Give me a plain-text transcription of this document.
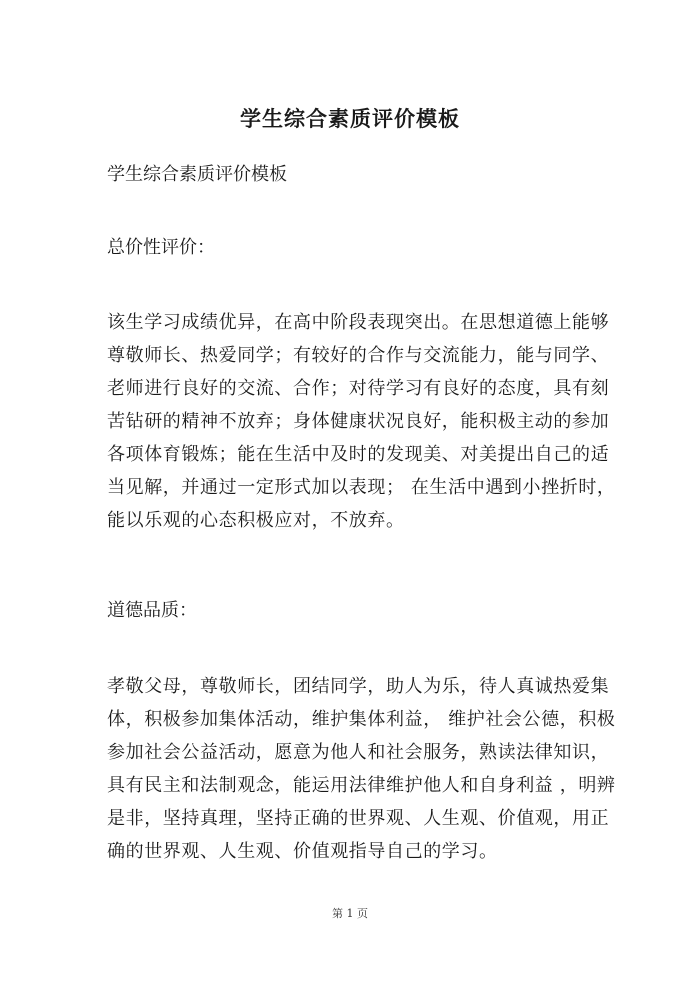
学生综合素质评价模板
学生综合素质评价模板
总价性评价：
该生学习成绩优异，在高中阶段表现突出。在思想道德上能够
尊敬师长、热爱同学；有较好的合作与交流能力，能与同学、
老师进行良好的交流、合作；对待学习有良好的态度，具有刻
苦钻研的精神不放弃；身体健康状况良好，能积极主动的参加
各项体育锻炼；能在生活中及时的发现美、对美提出自己的适
当见解，并通过一定形式加以表现； 在生活中遇到小挫折时，
能以乐观的心态积极应对，不放弃。
道德品质：
孝敬父母，尊敬师长，团结同学，助人为乐，待人真诚热爱集
体，积极参加集体活动，维护集体利益， 维护社会公德，积极
参加社会公益活动，愿意为他人和社会服务，熟读法律知识，
具有民主和法制观念，能运用法律维护他人和自身利益 ，明辨
是非，坚持真理，坚持正确的世界观、人生观、价值观，用正
确的世界观、人生观、价值观指导自己的学习。
第 1 页
